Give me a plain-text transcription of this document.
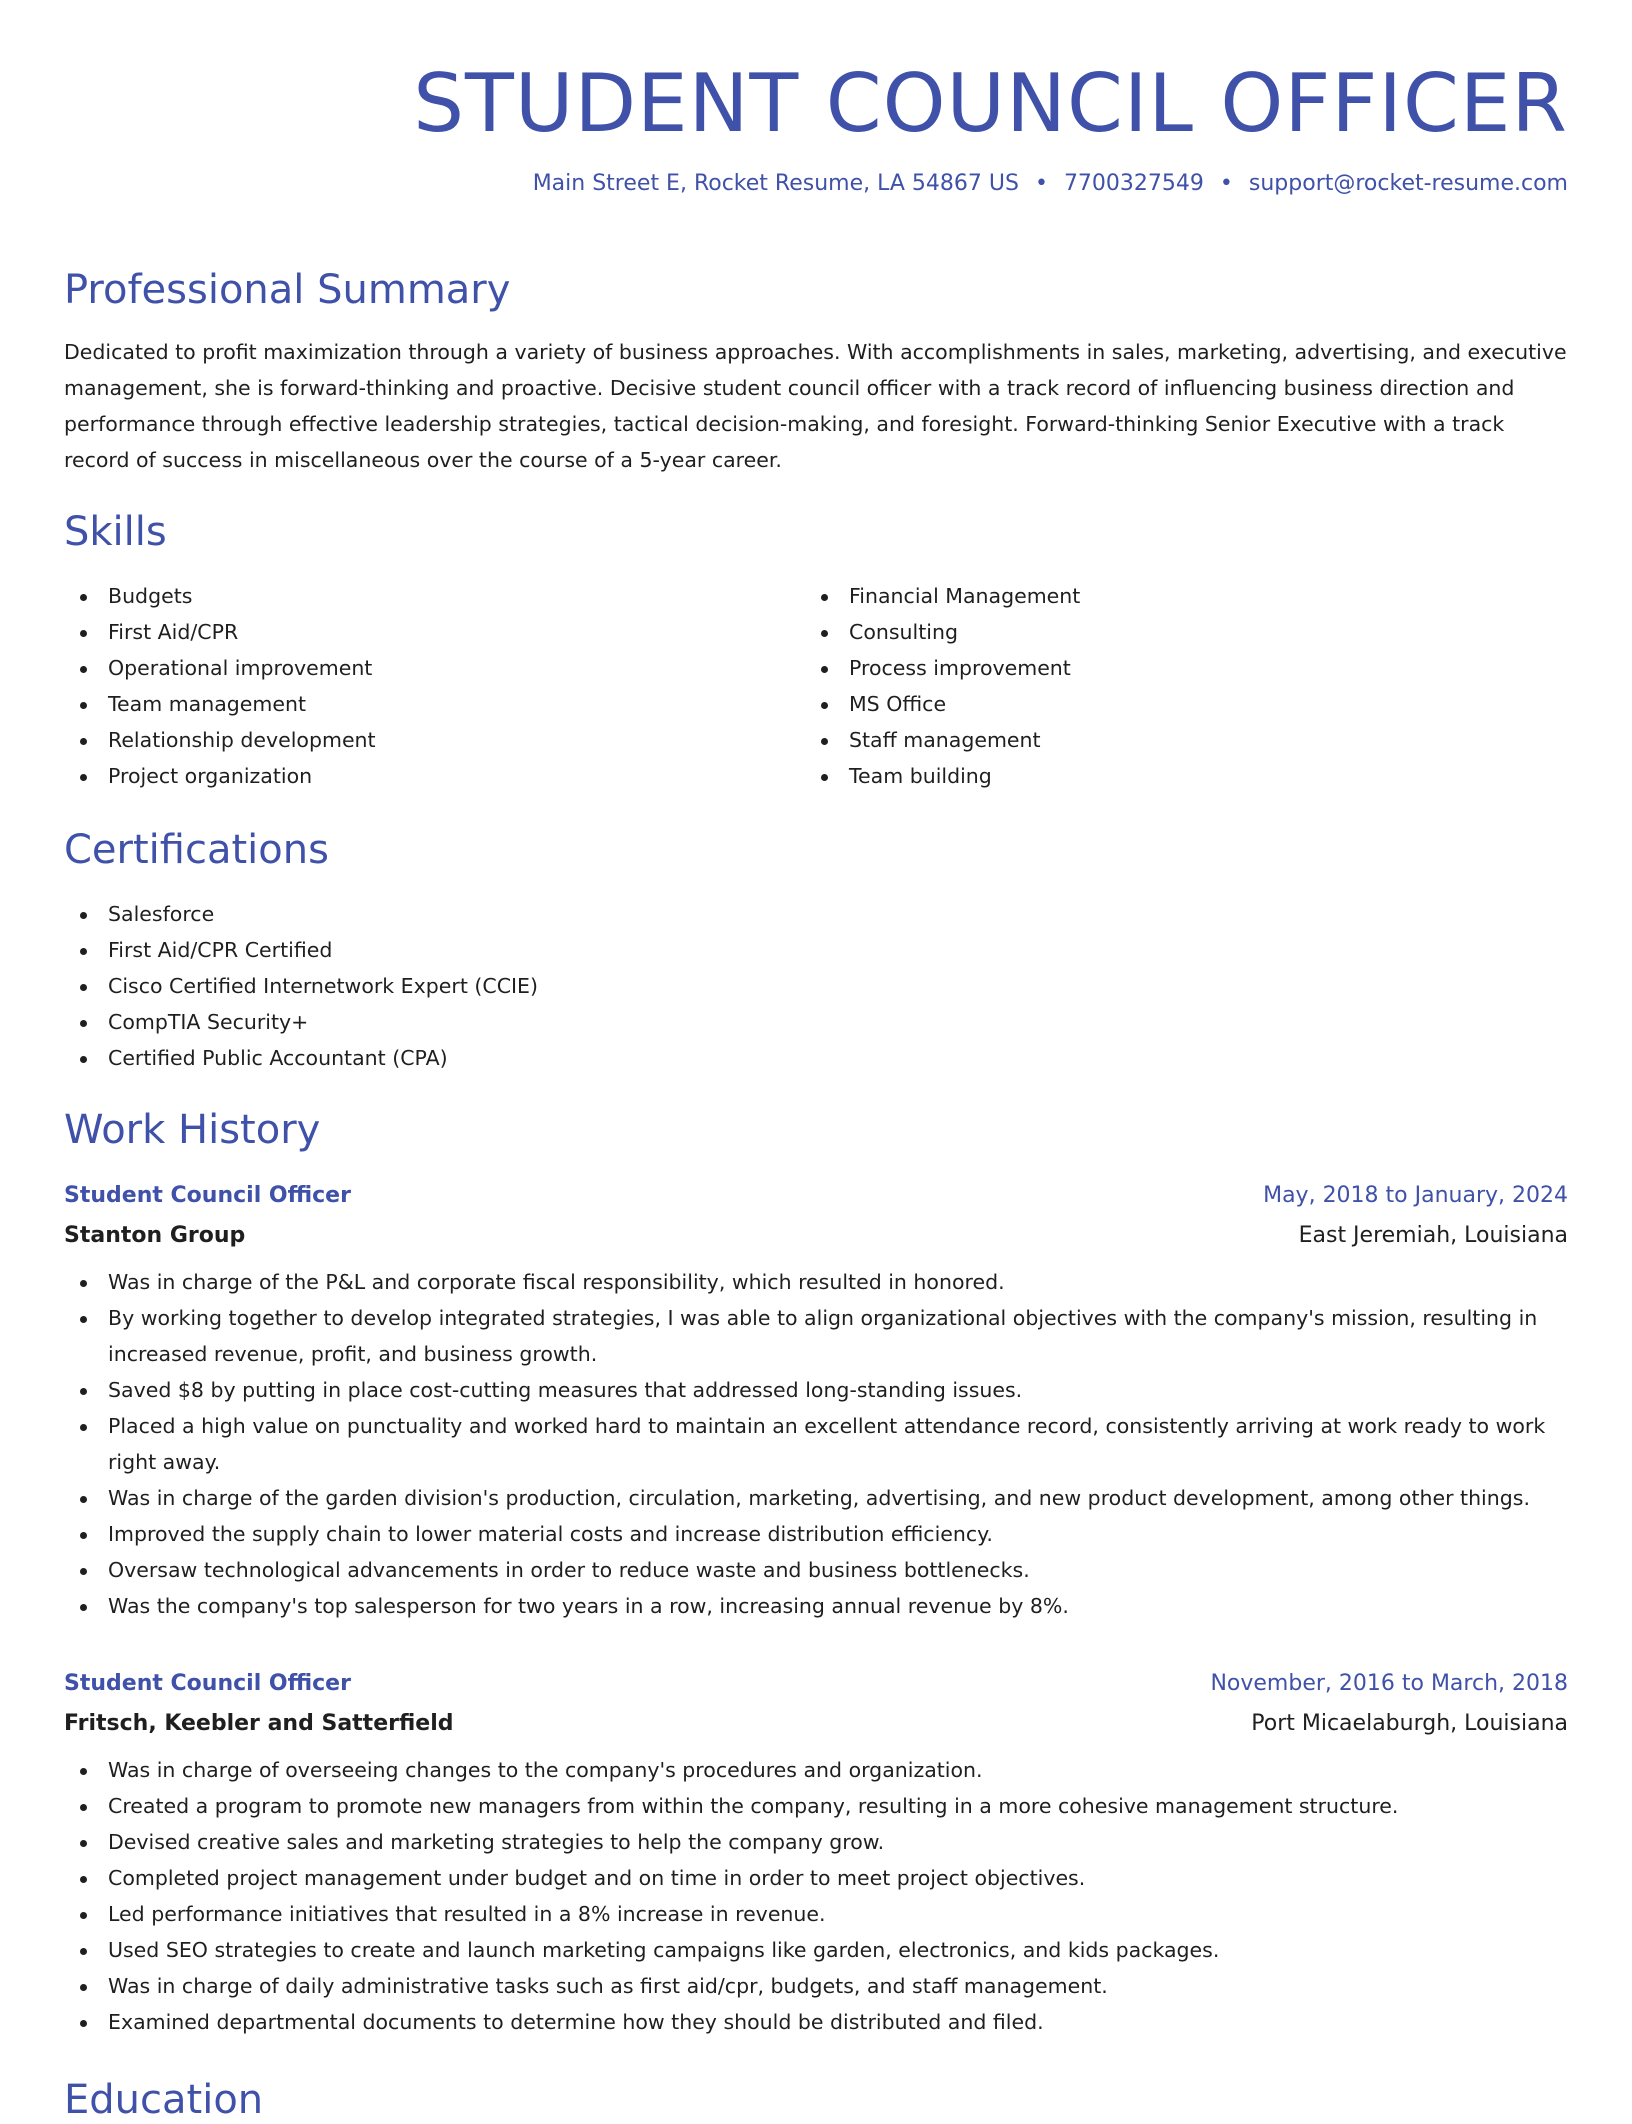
STUDENT COUNCIL OFFICER
Main Street E, Rocket Resume, LA 54867 US • 7700327549 • support@rocket-resume.com
Professional Summary

Dedicated to profit maximization through a variety of business approaches. With accomplishments in sales, marketing, advertising, and executive management, she is forward-thinking and proactive. Decisive student council officer with a track record of influencing business direction and performance through effective leadership strategies, tactical decision-making, and foresight. Forward-thinking Senior Executive with a track record of success in miscellaneous over the course of a 5-year career.

Skills
Budgets
First Aid/CPR
Operational improvement
Team management
Relationship development
Project organization
Financial Management
Consulting
Process improvement
MS Office
Staff management
Team building
Certifications
Salesforce
First Aid/CPR Certified
Cisco Certified Internetwork Expert (CCIE)
CompTIA Security+
Certified Public Accountant (CPA)
Work History
Student Council Officer	May, 2018 to January, 2024
Stanton Group	East Jeremiah, Louisiana
Was in charge of the P&L and corporate fiscal responsibility, which resulted in honored.
By working together to develop integrated strategies, I was able to align organizational objectives with the company's mission, resulting in increased revenue, profit, and business growth.
Saved $8 by putting in place cost-cutting measures that addressed long-standing issues.
Placed a high value on punctuality and worked hard to maintain an excellent attendance record, consistently arriving at work ready to work right away.
Was in charge of the garden division's production, circulation, marketing, advertising, and new product development, among other things.
Improved the supply chain to lower material costs and increase distribution efficiency.
Oversaw technological advancements in order to reduce waste and business bottlenecks.
Was the company's top salesperson for two years in a row, increasing annual revenue by 8%.
Student Council Officer	November, 2016 to March, 2018
Fritsch, Keebler and Satterfield	Port Micaelaburgh, Louisiana
Was in charge of overseeing changes to the company's procedures and organization.
Created a program to promote new managers from within the company, resulting in a more cohesive management structure.
Devised creative sales and marketing strategies to help the company grow.
Completed project management under budget and on time in order to meet project objectives.
Led performance initiatives that resulted in a 8% increase in revenue.
Used SEO strategies to create and launch marketing campaigns like garden, electronics, and kids packages.
Was in charge of daily administrative tasks such as first aid/cpr, budgets, and staff management.
Examined departmental documents to determine how they should be distributed and filed.
Education
